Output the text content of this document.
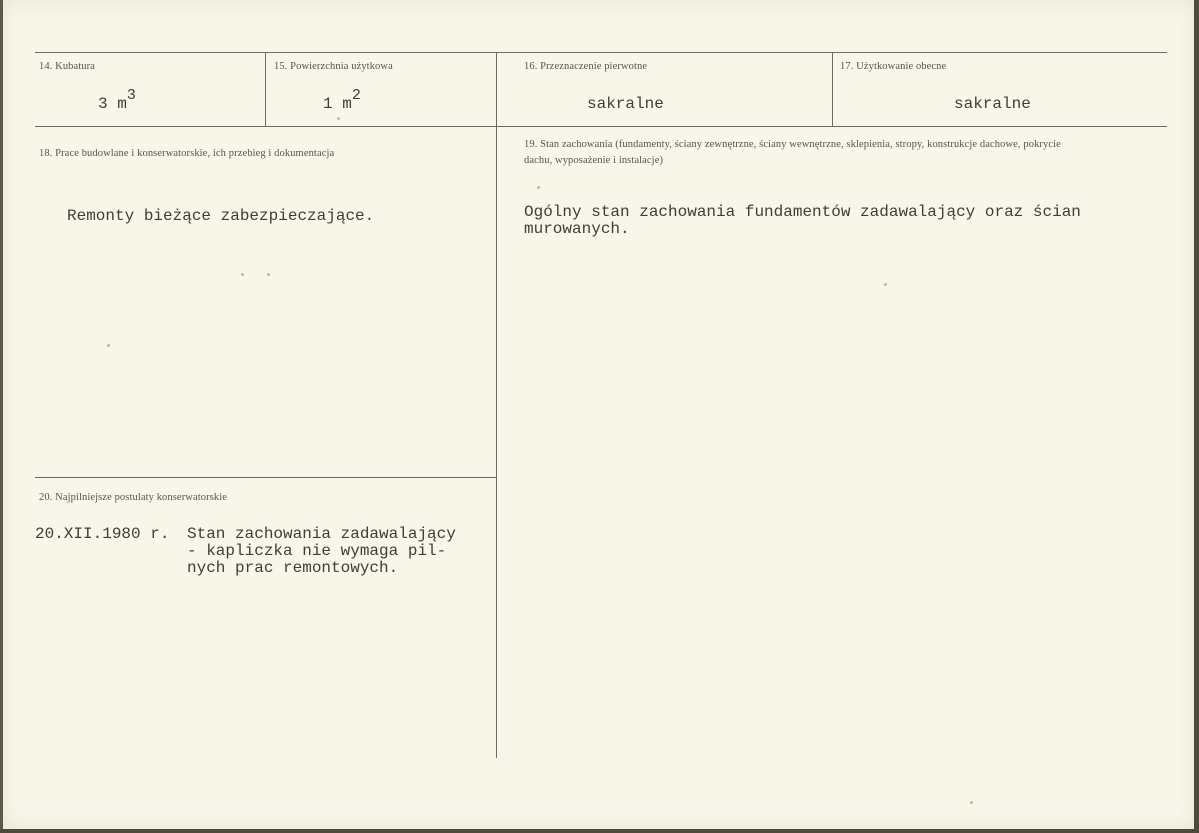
14. Kubatura
3 m3
15. Powierzchnia użytkowa
1 m2
16. Przeznaczenie pierwotne
sakralne
17. Użytkowanie obecne
sakralne
18. Prace budowlane i konserwatorskie, ich przebieg i dokumentacja
Remonty bieżące zabezpieczające.
19. Stan zachowania (fundamenty, ściany zewnętrzne, ściany wewnętrzne, sklepienia, stropy, konstrukcje dachowe, pokrycie dachu, wyposażenie i instalacje)
Ogólny stan zachowania fundamentów zadawalający oraz ścian
murowanych.
20. Najpilniejsze postulaty konserwatorskie
20.XII.1980 r. Stan zachowania zadawalający
- kapliczka nie wymaga pil-
nych prac remontowych.
